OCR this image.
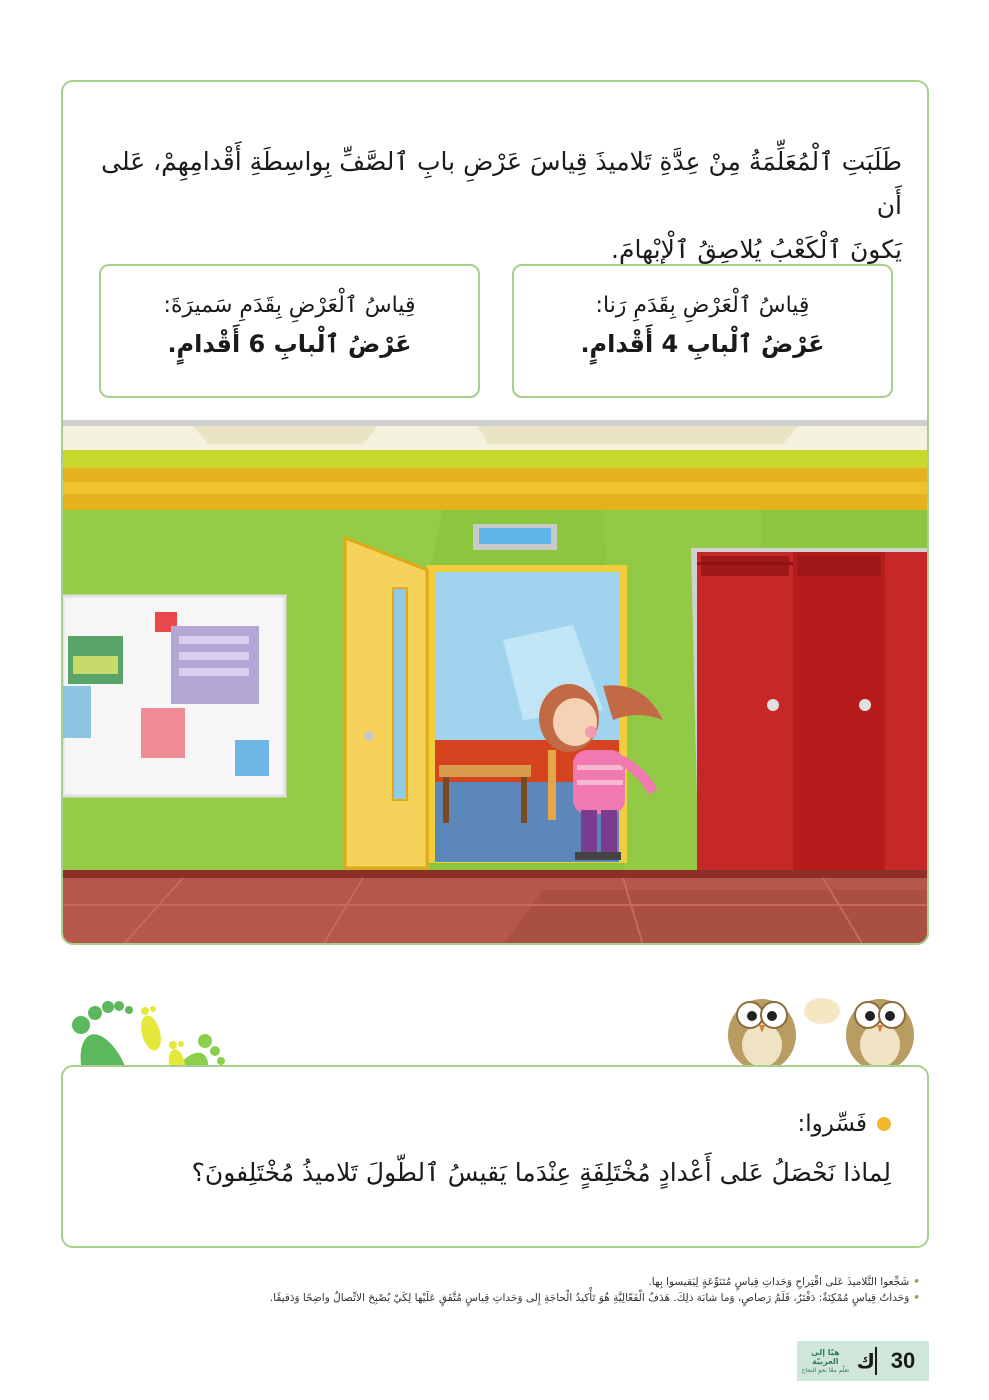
طَلَبَتِ ٱلْمُعَلِّمَةُ مِنْ عِدَّةِ تَلاميذَ قِياسَ عَرْضِ بابِ ٱلصَّفِّ بِواسِطَةِ أَقْدامِهِمْ، عَلى أَن
يَكونَ ٱلْكَعْبُ يُلاصِقُ ٱلْإِبْهامَ.
قِياسُ ٱلْعَرْضِ بِقَدَمِ رَنا:
عَرْضُ ٱلْبابِ 4 أَقْدامٍ.
قِياسُ ٱلْعَرْضِ بِقَدَمِ سَميرَةَ:
عَرْضُ ٱلْبابِ 6 أَقْدامٍ.
فَسِّروا:
لِماذا نَحْصَلُ عَلى أَعْدادٍ مُخْتَلِفَةٍ عِنْدَما يَقيسُ ٱلطّولَ تَلاميذُ مُخْتَلِفونَ؟
•شَجِّعوا التَّلاميذَ عَلى اقْتِراحِ وَحَداتِ قِياسٍ مُتَنَوِّعَةٍ لِيَقيسوا بِها.
•وَحَداتُ قِياسٍ مُمْكِنَةٌ: دَفْتَرٌ، قَلَمُ رَصاصٍ، وَما شابَهَ ذلِكَ. هَدَفُ الْفَعّالِيَّةِ هُوَ تَأْكيدُ الْحاجَةِ إِلى وَحَداتِ قِياسٍ مُتَّفَقٍ عَلَيْها لِكَيْ يُصْبِحَ الاتِّصالُ واضِحًا وَدَقيقًا.
ك
هيّا إلى العربيّة
تعلّم معًا نحو النجاح	30
